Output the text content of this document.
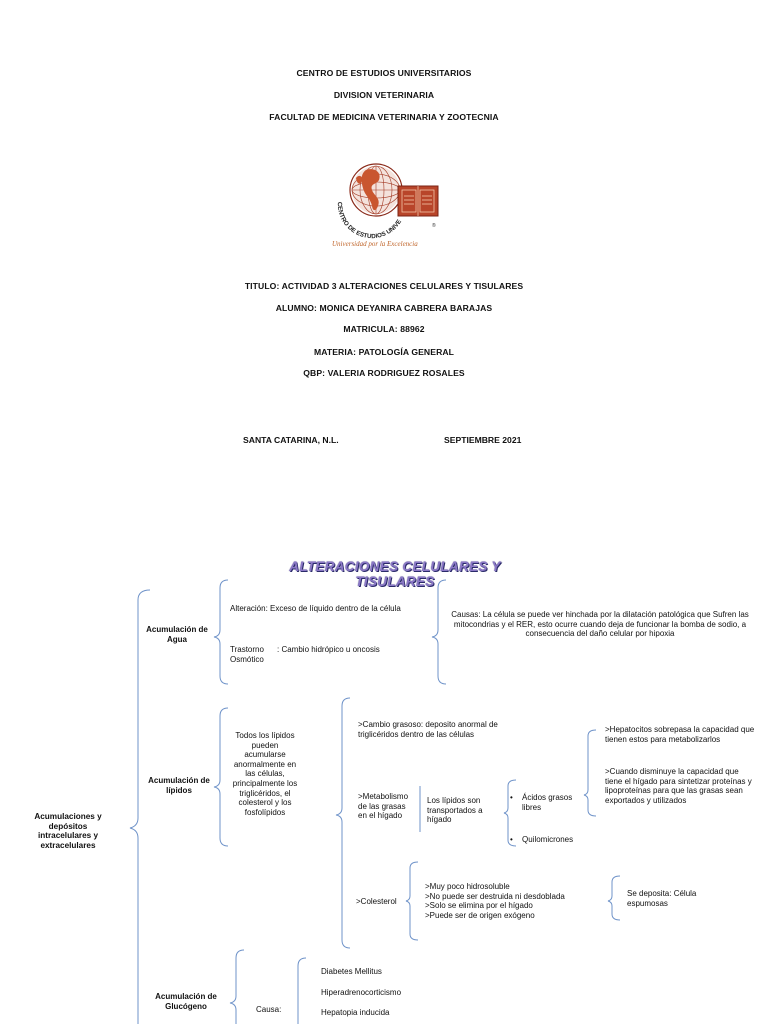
CENTRO DE ESTUDIOS UNIVERSITARIOS
DIVISION VETERINARIA
FACULTAD DE MEDICINA VETERINARIA Y ZOOTECNIA
CENTRO DE ESTUDIOS UNIVE
®
Universidad por la Excelencia
TITULO: ACTIVIDAD 3 ALTERACIONES CELULARES Y TISULARES
ALUMNO: MONICA DEYANIRA CABRERA BARAJAS
MATRICULA: 88962
MATERIA: PATOLOGÍA GENERAL
QBP: VALERIA RODRIGUEZ ROSALES
SANTA CATARINA, N.L.	SEPTIEMBRE 2021
ALTERACIONES CELULARES Y TISULARES
Acumulaciones y depósitos intracelulares y extracelulares
Acumulación de Agua
Alteración: Exceso de líquido dentro de la célula
Trastorno Osmótico
: Cambio hidrópico u oncosis
Causas: La célula se puede ver hinchada por la dilatación patológica que Sufren las mitocondrias y el RER, esto ocurre cuando deja de funcionar la bomba de sodio, a consecuencia del daño celular por hipoxia
Acumulación de lípidos
Todos los lípidos pueden acumularse anormalmente en las células, principalmente los triglicéridos, el colesterol y los fosfolípidos
>Cambio grasoso: deposito anormal de triglicéridos dentro de las células
>Metabolismo de las grasas en el hígado
Los lípidos son transportados a hígado
•	Ácidos grasos libres
•	Quilomicrones
>Hepatocitos sobrepasa la capacidad que tienen estos para metabolizarlos
>Cuando disminuye la capacidad que tiene el hígado para sintetizar proteínas y lipoproteínas para que las grasas sean exportados y utilizados
>Colesterol
>Muy poco hidrosoluble
>No puede ser destruida ni desdoblada
>Solo se elimina por el hígado
>Puede ser de origen exógeno
Se deposita: Célula espumosas
Acumulación de Glucógeno	Causa:
Diabetes Mellitus
Hiperadrenocorticismo
Hepatopia inducida
